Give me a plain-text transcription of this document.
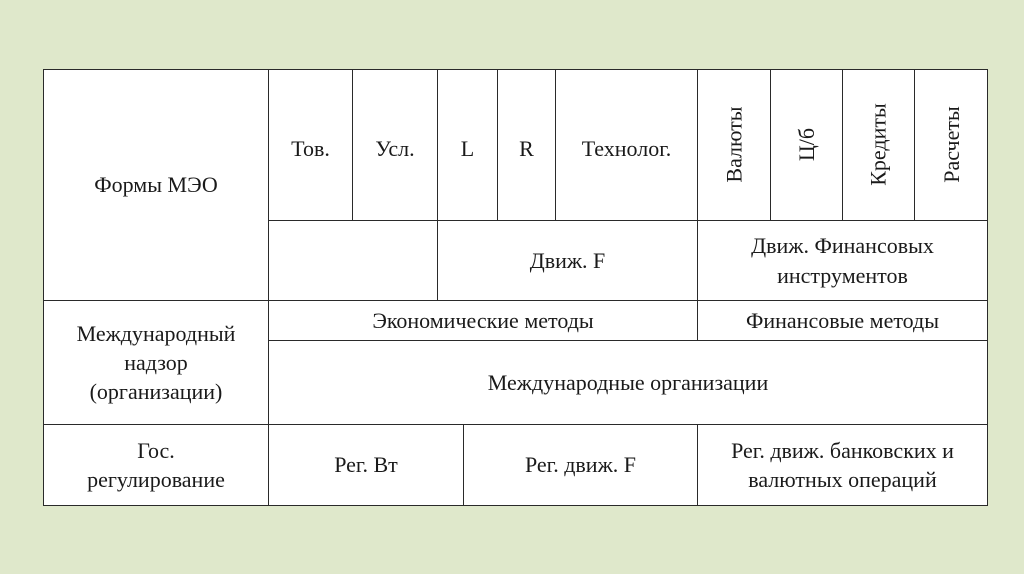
Формы МЭО
Тов. Усл. L R Технолог. Валюты Ц/б Кредиты Расчеты
Движ. F
Движ. Финансовых
инструментов
Международный
надзор
(организации)
Экономические методы	Финансовые методы
Международные организации
Гос.
регулирование
Рег. Вт	Рег. движ. F
Рег. движ. банковских и
валютных операций
